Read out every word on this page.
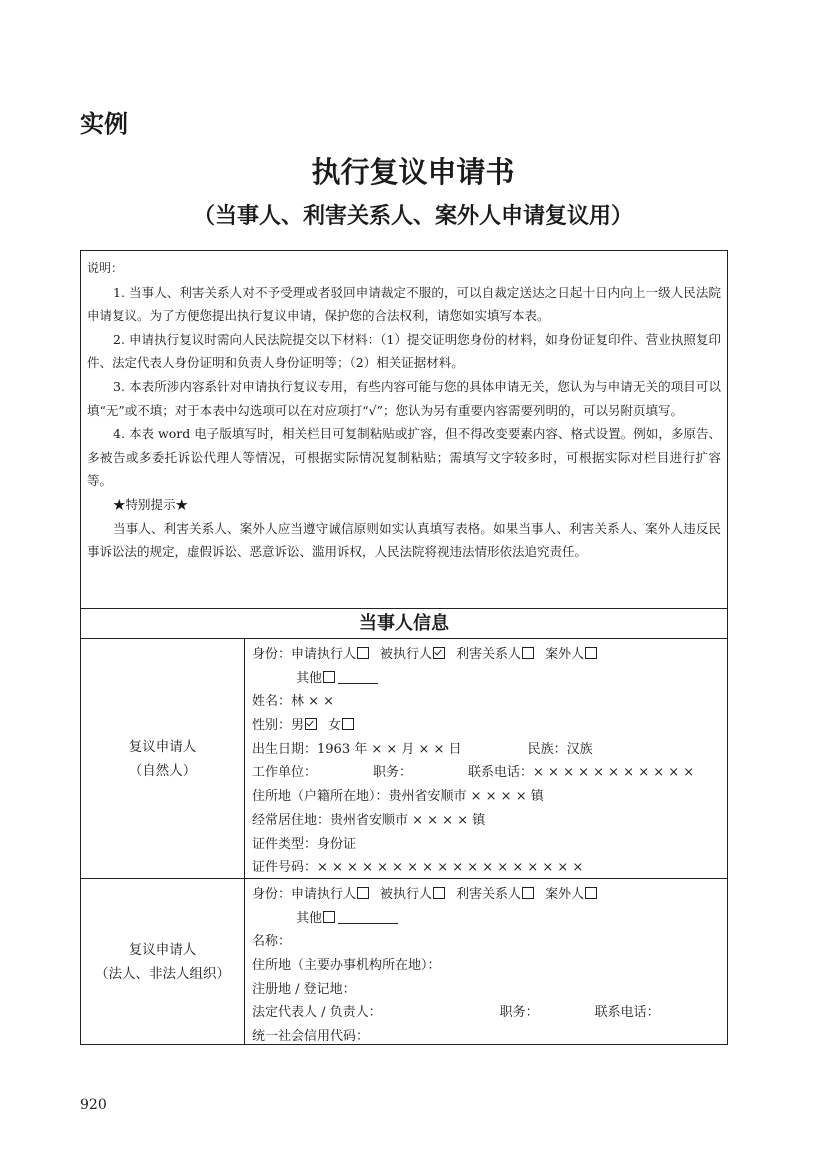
实例
执行复议申请书
（当事人、利害关系人、案外人申请复议用）

说明：

1. 当事人、利害关系人对不予受理或者驳回申请裁定不服的，可以自裁定送达之日起十日内向上一级人民法院申请复议。为了方便您提出执行复议申请，保护您的合法权利，请您如实填写本表。

2. 申请执行复议时需向人民法院提交以下材料：（1）提交证明您身份的材料，如身份证复印件、营业执照复印件、法定代表人身份证明和负责人身份证明等；（2）相关证据材料。

3. 本表所涉内容系针对申请执行复议专用，有些内容可能与您的具体申请无关，您认为与申请无关的项目可以填“无”或不填；对于本表中勾选项可以在对应项打“√”；您认为另有重要内容需要列明的，可以另附页填写。

4. 本表 word 电子版填写时，相关栏目可复制粘贴或扩容，但不得改变要素内容、格式设置。例如，多原告、多被告或多委托诉讼代理人等情况，可根据实际情况复制粘贴；需填写文字较多时，可根据实际对栏目进行扩容等。

★特别提示★

当事人、利害关系人、案外人应当遵守诚信原则如实认真填写表格。如果当事人、利害关系人、案外人违反民事诉讼法的规定，虚假诉讼、恶意诉讼、滥用诉权，人民法院将视违法情形依法追究责任。

当事人信息
复议申请人
（自然人）
身份：申请执行人 被执行人 利害关系人 案外人
其他
姓名：林 × ×
性别：男 女
出生日期：1963 年 × × 月 × × 日	民族：汉族
工作单位：	职务：	联系电话：× × × × × × × × × × ×
住所地（户籍所在地）：贵州省安顺市 × × × × 镇
经常居住地：贵州省安顺市 × × × × 镇
证件类型：身份证
证件号码：× × × × × × × × × × × × × × × × × ×
复议申请人
（法人、非法人组织）
身份：申请执行人 被执行人 利害关系人 案外人
其他
名称：
住所地（主要办事机构所在地）：
注册地 / 登记地：
法定代表人 / 负责人：	职务：	联系电话：
统一社会信用代码：
920
